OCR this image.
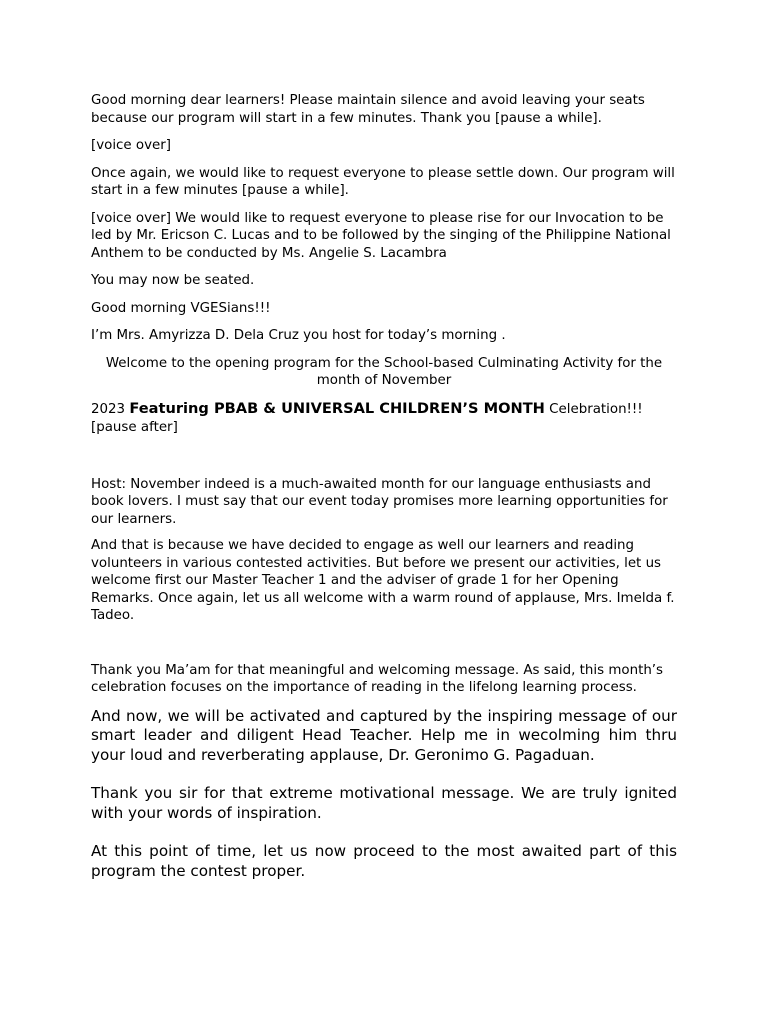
Good morning dear learners! Please maintain silence and avoid leaving your seats because our program will start in a few minutes. Thank you [pause a while].

[voice over]

Once again, we would like to request everyone to please settle down. Our program will start in a few minutes [pause a while].

[voice over] We would like to request everyone to please rise for our Invocation to be led by Mr. Ericson C. Lucas and to be followed by the singing of the Philippine National Anthem to be conducted by Ms. Angelie S. Lacambra

You may now be seated.

Good morning VGESians!!!

I’m Mrs. Amyrizza D. Dela Cruz you host for today’s morning .

Welcome to the opening program for the School-based Culminating Activity for the month of November

2023 Featuring PBAB & UNIVERSAL CHILDREN’S MONTH Celebration!!!
[pause after]

Host: November indeed is a much-awaited month for our language enthusiasts and book lovers. I must say that our event today promises more learning opportunities for our learners.

And that is because we have decided to engage as well our learners and reading volunteers in various contested activities. But before we present our activities, let us welcome first our Master Teacher 1 and the adviser of grade 1 for her Opening Remarks. Once again, let us all welcome with a warm round of applause, Mrs. Imelda f. Tadeo.

Thank you Ma’am for that meaningful and welcoming message. As said, this month’s celebration focuses on the importance of reading in the lifelong learning process.

And now, we will be activated and captured by the inspiring message of our smart leader and diligent Head Teacher. Help me in wecolming him thru your loud and reverberating applause, Dr. Geronimo G. Pagaduan.

Thank you sir for that extreme motivational message. We are truly ignited with your words of inspiration.

At this point of time, let us now proceed to the most awaited part of this program the contest proper.
